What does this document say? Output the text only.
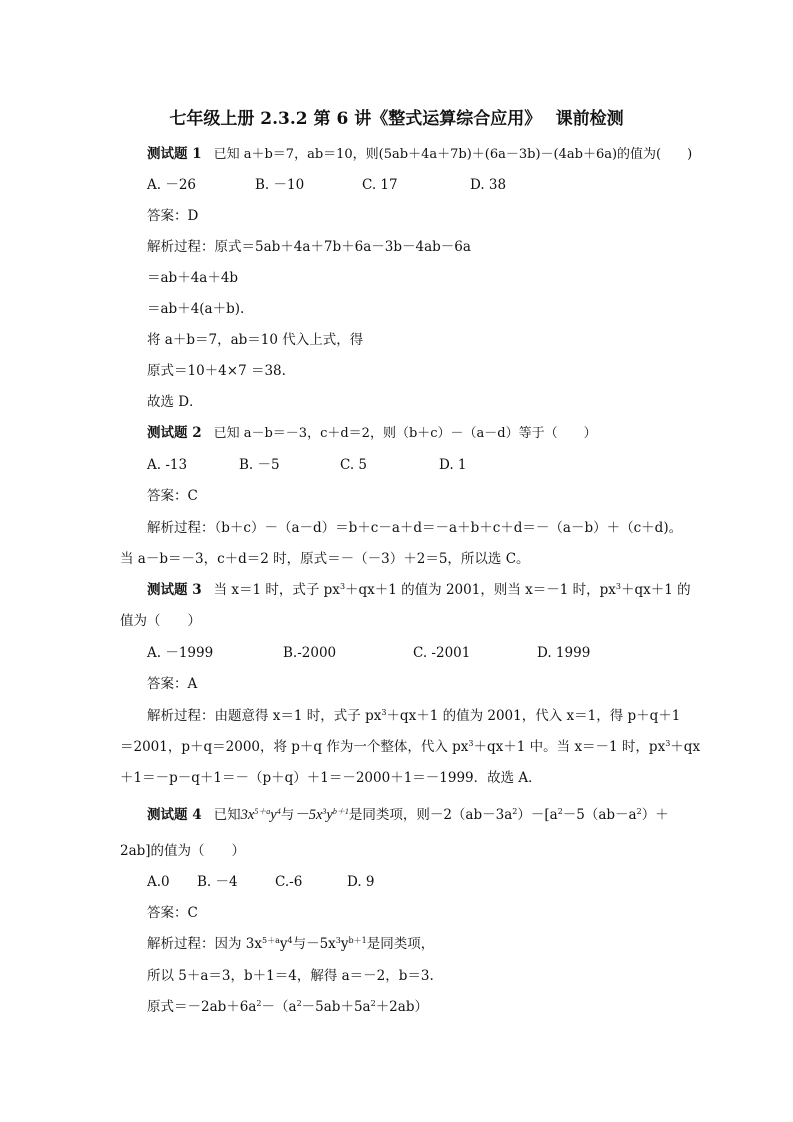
七年级上册 2.3.2 第 6 讲《整式运算综合应用》　 课前检测
测试题 1 已知 a＋b＝7，ab＝10，则(5ab＋4a＋7b)＋(6a－3b)－(4ab＋6a)的值为(　　)
A. －26	B. －10	C. 17	D. 38
答案：D
解析过程：原式＝5ab＋4a＋7b＋6a－3b－4ab－6a
＝ab＋4a＋4b
＝ab＋4(a＋b).
将 a＋b＝7，ab＝10 代入上式，得
原式＝10＋4×7 ＝38.
故选 D．
测试题 2 已知 a－b＝－3，c＋d＝2，则（b＋c）－（a－d）等于（　　）
A. -13	B. －5	C. 5	D. 1
答案：C
解析过程：（b＋c）－（a－d）＝b＋c－a＋d＝－a＋b＋c＋d＝－（a－b）＋（c＋d)。
当 a－b＝－3，c＋d＝2 时，原式＝－（－3）＋2＝5，所以选 C。
测试题 3 当 x＝1 时，式子 $px^3+qx+1$ 的值为 2001，则当 x＝－1 时，$px^3+qx+1$ 的
值为（　　）
A. －1999	B.-2000	C. -2001	D. 1999
答案：A
解析过程：由题意得 x＝1 时，式子 $px^3+qx+1$ 的值为 2001，代入 x＝1，得 p＋q＋1
＝2001，p＋q＝2000，将 p＋q 作为一个整体，代入 $px^3+qx+1$ 中。当 x＝－1 时，$px^3+qx$
＋1＝－p－q＋1＝－（p＋q）＋1＝－2000＋1＝－1999．故选 A．
测试题 4 已知$3x^{5+a}y^4$与$-5x^3y^{b+1}$是同类项，则$-2(ab-3a^2)-[a^2-5(ab-a^2)+$
2ab]的值为（　　）
A.0 B. －4	C.-6	D. 9
答案：C
解析过程：因为 $3x^{5+a}y^4$与$-5x^3y^{b+1}$是同类项，
所以 5＋a＝3，b＋1＝4，解得 a＝－2，b＝3.
原式$=-2ab+6a^2-(a^2-5ab+5a^2+2ab)$
